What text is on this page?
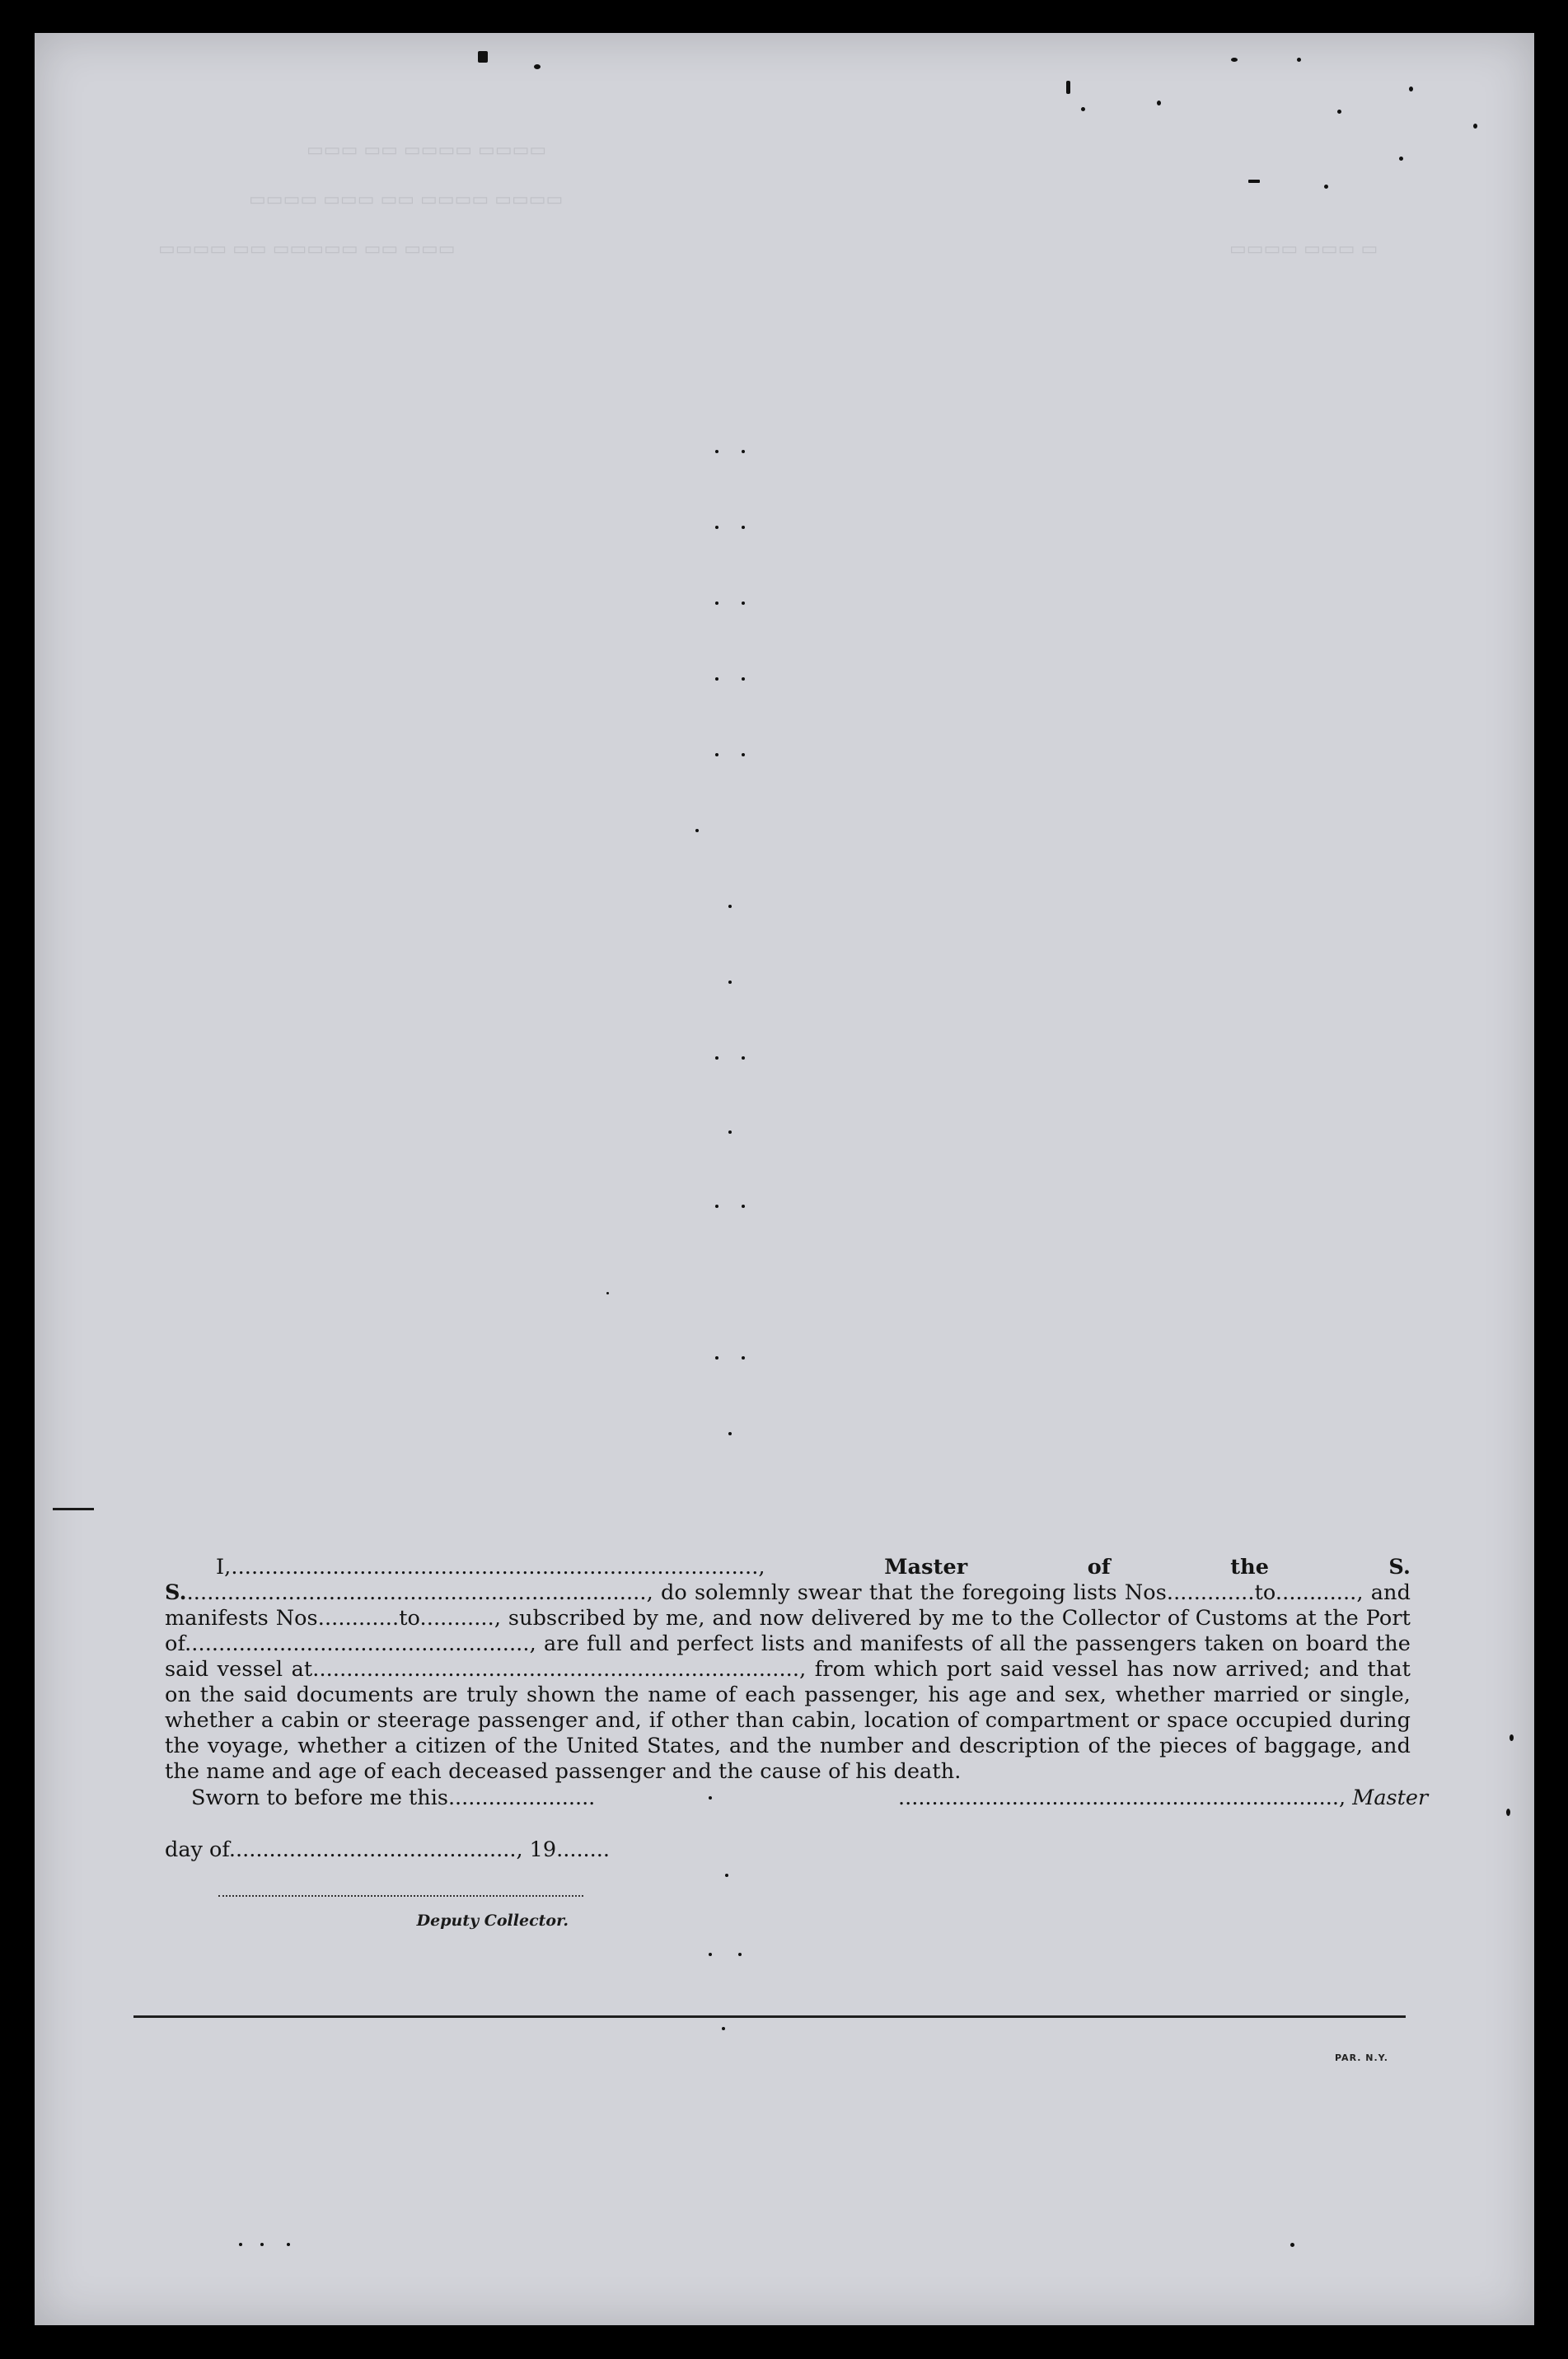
▭▭▭ ▭▭ ▭▭▭▭ ▭▭▭▭
▭▭▭▭ ▭▭▭ ▭▭ ▭▭▭▭ ▭▭▭▭
▭▭▭▭ ▭▭ ▭▭▭▭▭ ▭▭ ▭▭▭	▭▭▭▭ ▭▭▭ ▭
I,.............................................................................., Master of the S. S....................................................................., do solemnly swear that the foregoing lists Nos.............to............, and manifests Nos............to..........., subscribed by me, and now delivered by me to the Collector of Customs at the Port of..................................................., are full and perfect lists and manifests of all the passengers taken on board the said vessel at........................................................................, from which port said vessel has now arrived; and that on the said documents are truly shown the name of each passenger, his age and sex, whether married or single, whether a cabin or steerage passenger and, if other than cabin, location of compartment or space occupied during the voyage, whether a citizen of the United States, and the number and description of the pieces of baggage, and the name and age of each deceased passenger and the cause of his death.
Sworn to before me this......................	.................................................................., Master
day of..........................................., 19........
Deputy Collector.
PAR. N.Y.
